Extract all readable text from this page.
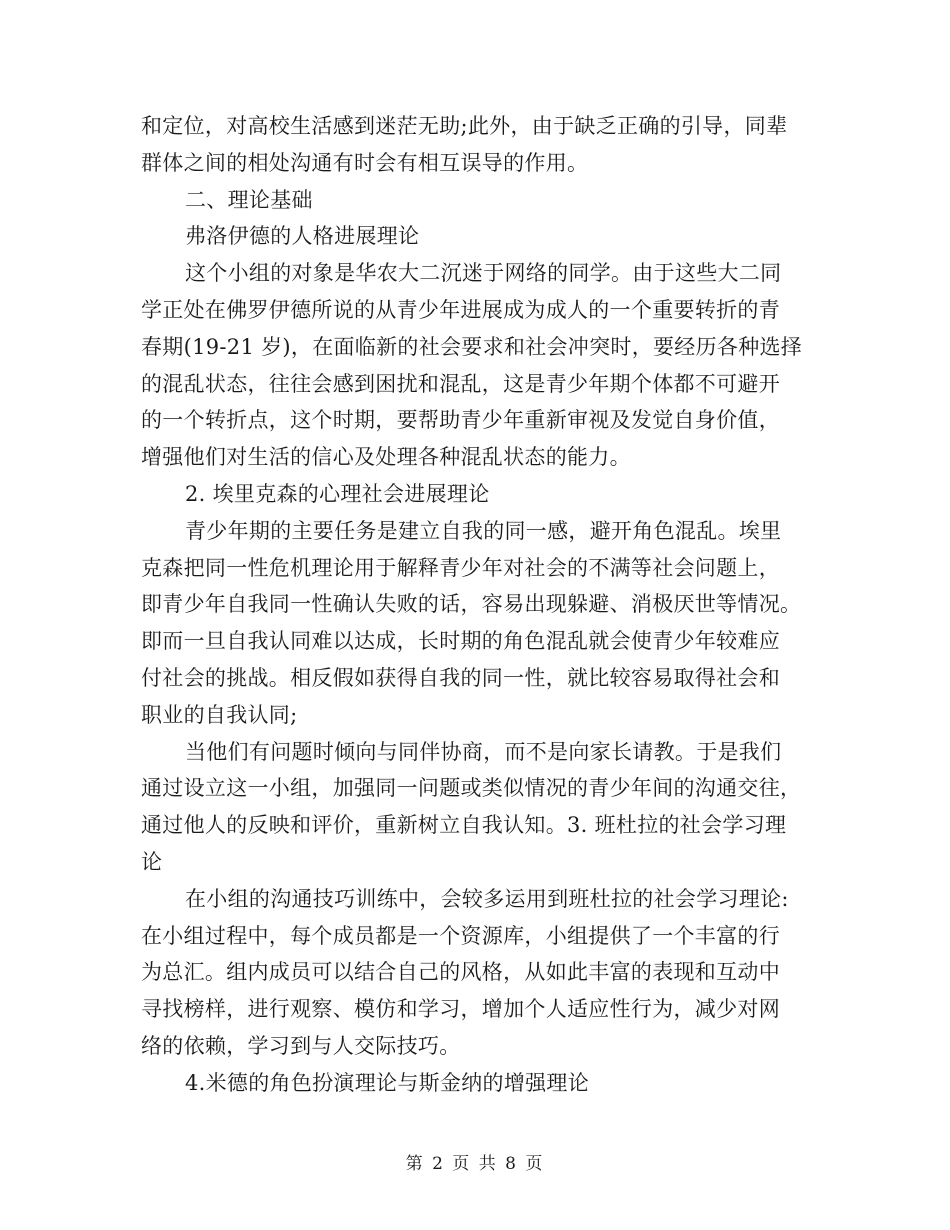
和定位，对高校生活感到迷茫无助;此外，由于缺乏正确的引导，同辈
群体之间的相处沟通有时会有相互误导的作用。
二、理论基础
弗洛伊德的人格进展理论
这个小组的对象是华农大二沉迷于网络的同学。由于这些大二同
学正处在佛罗伊德所说的从青少年进展成为成人的一个重要转折的青
春期(19-21 岁)，在面临新的社会要求和社会冲突时，要经历各种选择
的混乱状态，往往会感到困扰和混乱，这是青少年期个体都不可避开
的一个转折点，这个时期，要帮助青少年重新审视及发觉自身价值，
增强他们对生活的信心及处理各种混乱状态的能力。
2. 埃里克森的心理社会进展理论
青少年期的主要任务是建立自我的同一感，避开角色混乱。埃里
克森把同一性危机理论用于解释青少年对社会的不满等社会问题上，
即青少年自我同一性确认失败的话，容易出现躲避、消极厌世等情况。
即而一旦自我认同难以达成，长时期的角色混乱就会使青少年较难应
付社会的挑战。相反假如获得自我的同一性，就比较容易取得社会和
职业的自我认同;
当他们有问题时倾向与同伴协商，而不是向家长请教。于是我们
通过设立这一小组，加强同一问题或类似情况的青少年间的沟通交往，
通过他人的反映和评价，重新树立自我认知。3. 班杜拉的社会学习理
论
在小组的沟通技巧训练中，会较多运用到班杜拉的社会学习理论:
在小组过程中，每个成员都是一个资源库，小组提供了一个丰富的行
为总汇。组内成员可以结合自己的风格，从如此丰富的表现和互动中
寻找榜样，进行观察、模仿和学习，增加个人适应性行为，减少对网
络的依赖，学习到与人交际技巧。
4.米德的角色扮演理论与斯金纳的增强理论
第 2 页 共 8 页
